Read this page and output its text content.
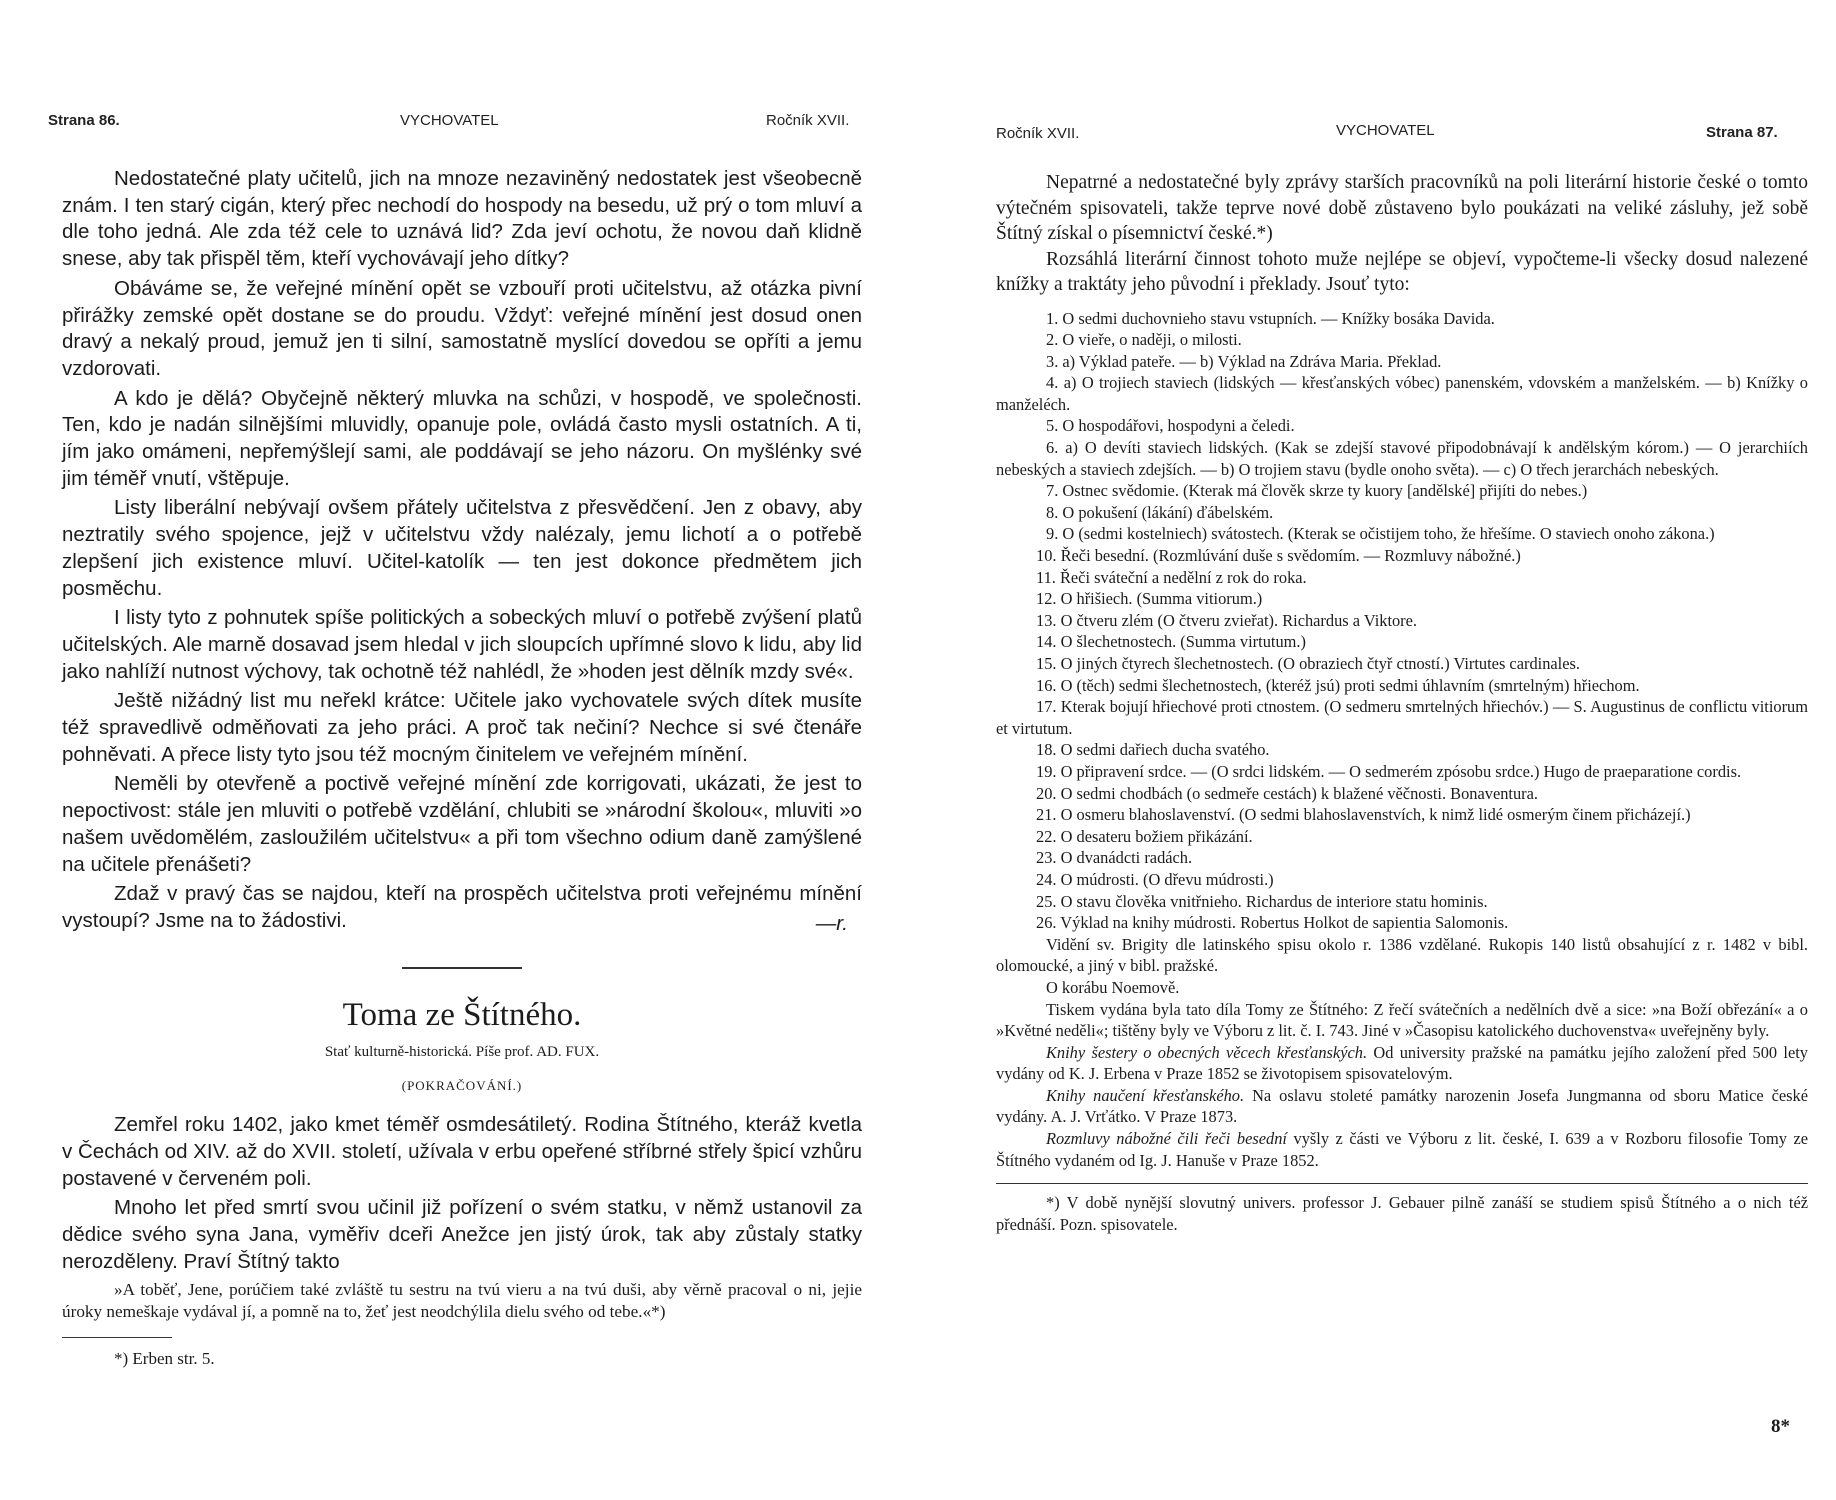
Strana 86.	VYCHOVATEL	Ročník XVII.

Nedostatečné platy učitelů, jich na mnoze nezaviněný nedostatek jest všeobecně znám. I ten starý cigán, který přec nechodí do hospody na besedu, už prý o tom mluví a dle toho jedná. Ale zda též cele to uznává lid? Zda jeví ochotu, že novou daň klidně snese, aby tak přispěl těm, kteří vychovávají jeho dítky?

Obáváme se, že veřejné mínění opět se vzbouří proti učitelstvu, až otázka pivní přirážky zemské opět dostane se do proudu. Vždyť: veřejné mínění jest dosud onen dravý a nekalý proud, jemuž jen ti silní, samostatně myslící dovedou se opříti a jemu vzdorovati.

A kdo je dělá? Obyčejně některý mluvka na schůzi, v hospodě, ve společnosti. Ten, kdo je nadán silnějšími mluvidly, opanuje pole, ovládá často mysli ostatních. A ti, jím jako omámeni, nepřemýšlejí sami, ale poddávají se jeho názoru. On myšlénky své jim téměř vnutí, vštěpuje.

Listy liberální nebývají ovšem přátely učitelstva z přesvědčení. Jen z obavy, aby neztratily svého spojence, jejž v učitelstvu vždy nalézaly, jemu lichotí a o potřebě zlepšení jich existence mluví. Učitel-katolík — ten jest dokonce předmětem jich posměchu.

I listy tyto z pohnutek spíše politických a sobeckých mluví o potřebě zvýšení platů učitelských. Ale marně dosavad jsem hledal v jich sloupcích upřímné slovo k lidu, aby lid jako nahlíží nutnost výchovy, tak ochotně též nahlédl, že »hoden jest dělník mzdy své«.

Ještě nižádný list mu neřekl krátce: Učitele jako vychovatele svých dítek musíte též spravedlivě odměňovati za jeho práci. A proč tak nečiní? Nechce si své čtenáře pohněvati. A přece listy tyto jsou též mocným činitelem ve veřejném mínění.

Neměli by otevřeně a poctivě veřejné mínění zde korrigovati, ukázati, že jest to nepoctivost: stále jen mluviti o potřebě vzdělání, chlubiti se »národní školou«, mluviti »o našem uvědomělém, zasloužilém učitelstvu« a při tom všechno odium daně zamýšlené na učitele přenášeti?

Zdaž v pravý čas se najdou, kteří na prospěch učitelstva proti veřejnému mínění vystoupí? Jsme na to žádostivi.	—r.
Toma ze Štítného.
Stať kulturně-historická. Píše prof. AD. FUX.
(POKRAČOVÁNÍ.)

Zemřel roku 1402, jako kmet téměř osmdesátiletý. Rodina Štítného, kteráž kvetla v Čechách od XIV. až do XVII. století, užívala v erbu opeřené stříbrné střely špicí vzhůru postavené v červeném poli.

Mnoho let před smrtí svou učinil již pořízení o svém statku, v němž ustanovil za dědice svého syna Jana, vyměřiv dceři Anežce jen jistý úrok, tak aby zůstaly statky nerozděleny. Praví Štítný takto

»A toběť, Jene, porúčiem také zvláště tu sestru na tvú vieru a na tvú duši, aby věrně pracoval o ni, jejie úroky nemeškaje vydával jí, a pomně na to, žeť jest neodchýlila dielu svého od tebe.«*)
*) Erben str. 5.
Ročník XVII.	VYCHOVATEL	Strana 87.

Nepatrné a nedostatečné byly zprávy starších pracovníků na poli literární historie české o tomto výtečném spisovateli, takže teprve nové době zůstaveno bylo poukázati na veliké zásluhy, jež sobě Štítný získal o písemnictví české.*)

Rozsáhlá literární činnost tohoto muže nejlépe se objeví, vypočteme-li všecky dosud nalezené knížky a traktáty jeho původní i překlady. Jsouť tyto:

1. O sedmi duchovnieho stavu vstupních. — Knížky bosáka Davida.
2. O vieře, o naději, o milosti.
3. a) Výklad pateře. — b) Výklad na Zdráva Maria. Překlad.
4. a) O trojiech staviech (lidských — křesťanských vóbec) panenském, vdovském a manželském. — b) Knížky o manželéch.
5. O hospodářovi, hospodyni a čeledi.
6. a) O devíti staviech lidských. (Kak se zdejší stavové připodobnávají k andělským kórom.) — O jerarchiích nebeských a staviech zdejších. — b) O trojiem stavu (bydle onoho světa). — c) O třech jerarchách nebeských.
7. Ostnec svědomie. (Kterak má člověk skrze ty kuory [andělské] přijíti do nebes.)
8. O pokušení (lákání) ďábelském.
9. O (sedmi kostelniech) svátostech. (Kterak se očistijem toho, že hřešíme. O staviech onoho zákona.)
10. Řeči besední. (Rozmlúvání duše s svědomím. — Rozmluvy nábožné.)
11. Řeči sváteční a nedělní z rok do roka.
12. O hřišiech. (Summa vitiorum.)
13. O čtveru zlém (O čtveru zvieřat). Richardus a Viktore.
14. O šlechetnostech. (Summa virtutum.)
15. O jiných čtyrech šlechetnostech. (O obraziech čtyř ctností.) Virtutes cardinales.
16. O (těch) sedmi šlechetnostech, (kteréž jsú) proti sedmi úhlavním (smrtelným) hřiechom.
17. Kterak bojují hřiechové proti ctnostem. (O sedmeru smrtelných hřiechóv.) — S. Augustinus de conflictu vitiorum et virtutum.
18. O sedmi dařiech ducha svatého.
19. O připravení srdce. — (O srdci lidském. — O sedmerém zpósobu srdce.) Hugo de praeparatione cordis.
20. O sedmi chodbách (o sedmeře cestách) k blažené věčnosti. Bonaventura.
21. O osmeru blahoslavenství. (O sedmi blahoslavenstvích, k nimž lidé osmerým činem přicházejí.)
22. O desateru božiem přikázání.
23. O dvanádcti radách.
24. O múdrosti. (O dřevu múdrosti.)
25. O stavu člověka vnitřnieho. Richardus de interiore statu hominis.
26. Výklad na knihy múdrosti. Robertus Holkot de sapientia Salomonis.
Vidění sv. Brigity dle latinského spisu okolo r. 1386 vzdělané. Rukopis 140 listů obsahující z r. 1482 v bibl. olomoucké, a jiný v bibl. pražské.
O korábu Noemově.
Tiskem vydána byla tato díla Tomy ze Štítného: Z řečí svátečních a nedělních dvě a sice: »na Boží obřezání« a o »Květné neděli«; tištěny byly ve Výboru z lit. č. I. 743. Jiné v »Časopisu katolického duchovenstva« uveřejněny byly.
Knihy šestery o obecných věcech křesťanských. Od university pražské na památku jejího založení před 500 lety vydány od K. J. Erbena v Praze 1852 se životopisem spisovatelovým.
Knihy naučení křesťanského. Na oslavu stoleté památky narozenin Josefa Jungmanna od sboru Matice české vydány. A. J. Vrťátko. V Praze 1873.
Rozmluvy nábožné čili řeči besední vyšly z části ve Výboru z lit. české, I. 639 a v Rozboru filosofie Tomy ze Štítného vydaném od Ig. J. Hanuše v Praze 1852.
*) V době nynější slovutný univers. professor J. Gebauer pilně zanáší se studiem spisů Štítného a o nich též přednáší. Pozn. spisovatele.
8*
